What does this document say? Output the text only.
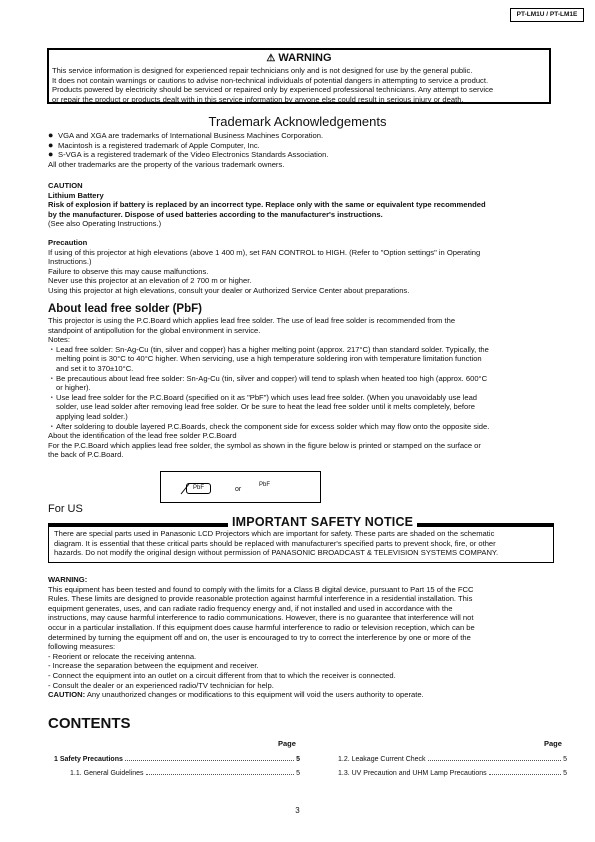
PT-LM1U / PT-LM1E
⚠ WARNING
This service information is designed for experienced repair technicians only and is not designed for use by the general public.
It does not contain warnings or cautions to advise non-technical individuals of potential dangers in attempting to service a product.
Products powered by electricity should be serviced or repaired only by experienced professional technicians. Any attempt to service
or repair the product or products dealt with in this service information by anyone else could result in serious injury or death.
Trademark Acknowledgements
● VGA and XGA are trademarks of International Business Machines Corporation.
● Macintosh is a registered trademark of Apple Computer, Inc.
● S-VGA is a registered trademark of the Video Electronics Standards Association.
All other trademarks are the property of the various trademark owners.
CAUTION
Lithium Battery
Risk of explosion if battery is replaced by an incorrect type. Replace only with the same or equivalent type recommended
by the manufacturer. Dispose of used batteries according to the manufacturer's instructions.
(See also Operating Instructions.)
Precaution
If using of this projector at high elevations (above 1 400 m), set FAN CONTROL to HIGH. (Refer to "Option settings" in Operating
Instructions.)
Failure to observe this may cause malfunctions.
Never use this projector at an elevation of 2 700 m or higher.
Using this projector at high elevations, consult your dealer or Authorized Service Center about preparations.
About lead free solder (PbF)
This projector is using the P.C.Board which applies lead free solder. The use of lead free solder is recommended from the
standpoint of antipollution for the global environment in service.
Notes:
・ Lead free solder: Sn-Ag-Cu (tin, silver and copper) has a higher melting point (approx. 217°C) than standard solder. Typically, the
melting point is 30°C to 40°C higher. When servicing, use a high temperature soldering iron with temperature limitation function
and set it to 370±10°C.
・ Be precautious about lead free solder: Sn-Ag-Cu (tin, silver and copper) will tend to splash when heated too high (approx. 600°C
or higher).
・ Use lead free solder for the P.C.Board (specified on it as "PbF") which uses lead free solder. (When you unavoidably use lead
solder, use lead solder after removing lead free solder. Or be sure to heat the lead free solder until it melts completely, before
applying lead solder.)
・ After soldering to double layered P.C.Boards, check the component side for excess solder which may flow onto the opposite side.
About the identification of the lead free solder P.C.Board
For the P.C.Board which applies lead free solder, the symbol as shown in the figure below is printed or stamped on the surface or
the back of P.C.Board.
PbF	or
PbF
For US
IMPORTANT SAFETY NOTICE
There are special parts used in Panasonic LCD Projectors which are important for safety. These parts are shaded on the schematic
diagram. It is essential that these critical parts should be replaced with manufacturer's specified parts to prevent shock, fire, or other
hazards. Do not modify the original design without permission of PANASONIC BROADCAST & TELEVISION SYSTEMS COMPANY.
WARNING:
This equipment has been tested and found to comply with the limits for a Class B digital device, pursuant to Part 15 of the FCC
Rules. These limits are designed to provide reasonable protection against harmful interference in a residential installation. This
equipment generates, uses, and can radiate radio frequency energy and, if not installed and used in accordance with the
instructions, may cause harmful interference to radio communications. However, there is no guarantee that interference will not
occur in a particular installation. If this equipment does cause harmful interference to radio or television reception, which can be
determined by turning the equipment off and on, the user is encouraged to try to correct the interference by one or more of the
following measures:
- Reorient or relocate the receiving antenna.
- Increase the separation between the equipment and receiver.
- Connect the equipment into an outlet on a circuit different from that to which the receiver is connected.
- Consult the dealer or an experienced radio/TV technician for help.
CAUTION: Any unauthorized changes or modifications to this equipment will void the users authority to operate.
CONTENTS
Page	Page
1 Safety Precautions	5
1.1. General Guidelines	5
1.2. Leakage Current Check	5
1.3. UV Precaution and UHM Lamp Precautions	5
3
